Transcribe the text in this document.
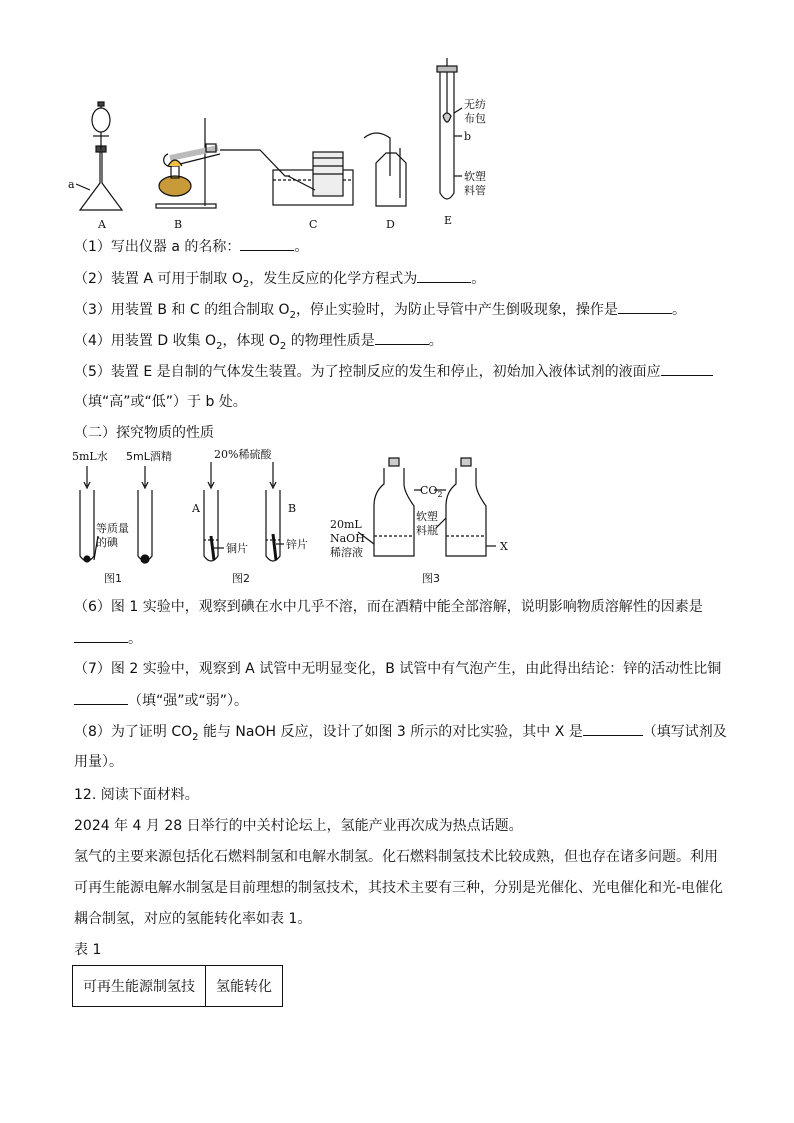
a
A	B	C	D	E
无纺
布包
b
软塑
料管
（1）写出仪器 a 的名称：	。
（2）装置 A 可用于制取 $O_2$，发生反应的化学方程式为	。
（3）用装置 B 和 C 的组合制取 $O_2$，停止实验时，为防止导管中产生倒吸现象，操作是	。
（4）用装置 D 收集 $O_2$，体现 $O_2$ 的物理性质是	。
（5）装置 E 是自制的气体发生装置。为了控制反应的发生和停止，初始加入液体试剂的液面应
（填“高”或“低”）于 b 处。
（二）探究物质的性质
5mL水 5mL酒精
等质量
的碘
图1
20%稀硫酸
A	B
铜片	锌片
图2
$CO_2$
软塑
料瓶
20mL
NaOH
稀溶液	X
图3
（6）图 1 实验中，观察到碘在水中几乎不溶，而在酒精中能全部溶解，说明影响物质溶解性的因素是
。
（7）图 2 实验中，观察到 A 试管中无明显变化，B 试管中有气泡产生，由此得出结论：锌的活动性比铜
（填“强”或“弱”）。
（8）为了证明 $CO_2$ 能与 NaOH 反应，设计了如图 3 所示的对比实验，其中 X 是	（填写试剂及
用量）。
12. 阅读下面材料。
2024 年 4 月 28 日举行的中关村论坛上，氢能产业再次成为热点话题。
氢气的主要来源包括化石燃料制氢和电解水制氢。化石燃料制氢技术比较成熟，但也存在诸多问题。利用
可再生能源电解水制氢是目前理想的制氢技术，其技术主要有三种，分别是光催化、光电催化和光-电催化
耦合制氢，对应的氢能转化率如表 1。
表 1
可再生能源制氢技	氢能转化
